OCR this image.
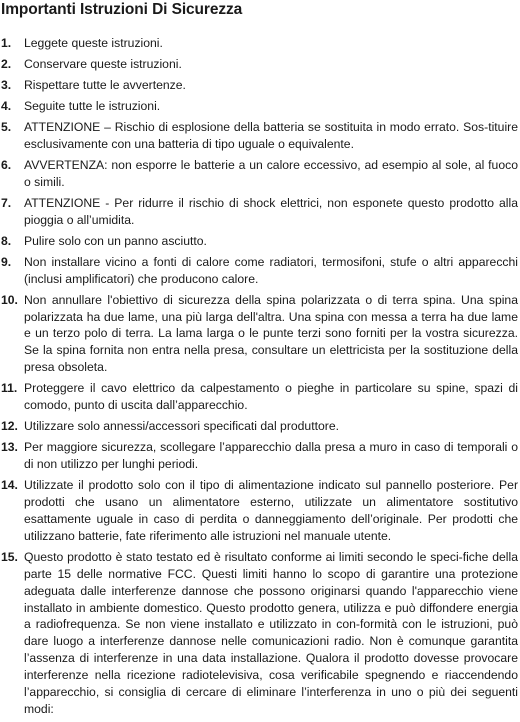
Importanti Istruzioni Di Sicurezza
1.	Leggete queste istruzioni.
2.	Conservare queste istruzioni.
3.	Rispettare tutte le avvertenze.
4.	Seguite tutte le istruzioni.
5.	ATTENZIONE – Rischio di esplosione della batteria se sostituita in modo errato. Sos-tituire esclusivamente con una batteria di tipo uguale o equivalente.
6.	AVVERTENZA: non esporre le batterie a un calore eccessivo, ad esempio al sole, al fuoco o simili.
7.	ATTENZIONE - Per ridurre il rischio di shock elettrici, non esponete questo prodotto alla pioggia o all’umidita.
8.	Pulire solo con un panno asciutto.
9.	Non installare vicino a fonti di calore come radiatori, termosifoni, stufe o altri apparecchi (inclusi amplificatori) che producono calore.
10. Non annullare l'obiettivo di sicurezza della spina polarizzata o di terra spina. Una spina polarizzata ha due lame, una più larga dell'altra. Una spina con messa a terra ha due lame e un terzo polo di terra. La lama larga o le punte terzi sono forniti per la vostra sicurezza. Se la spina fornita non entra nella presa, consultare un elettricista per la sostituzione della presa obsoleta.
11. Proteggere il cavo elettrico da calpestamento o pieghe in particolare su spine, spazi di comodo, punto di uscita dall’apparecchio.
12. Utilizzare solo annessi/accessori specificati dal produttore.
13. Per maggiore sicurezza, scollegare l’apparecchio dalla presa a muro in caso di temporali o di non utilizzo per lunghi periodi.
14. Utilizzate il prodotto solo con il tipo di alimentazione indicato sul pannello posteriore. Per prodotti che usano un alimentatore esterno, utilizzate un alimentatore sostitutivo esattamente uguale in caso di perdita o danneggiamento dell’originale. Per prodotti che utilizzano batterie, fate riferimento alle istruzioni nel manuale utente.
15. Questo prodotto è stato testato ed è risultato conforme ai limiti secondo le speci-fiche della parte 15 delle normative FCC. Questi limiti hanno lo scopo di garantire una protezione adeguata dalle interferenze dannose che possono originarsi quando l'apparecchio viene installato in ambiente domestico. Questo prodotto genera, utilizza e può diffondere energia a radiofrequenza. Se non viene installato e utilizzato in con-formità con le istruzioni, può dare luogo a interferenze dannose nelle comunicazioni radio. Non è comunque garantita l’assenza di interferenze in una data installazione. Qualora il prodotto dovesse provocare interferenze nella ricezione radiotelevisiva, cosa verificabile spegnendo e riaccendendo l’apparecchio, si consiglia di cercare di eliminare l’interferenza in uno o più dei seguenti modi:
